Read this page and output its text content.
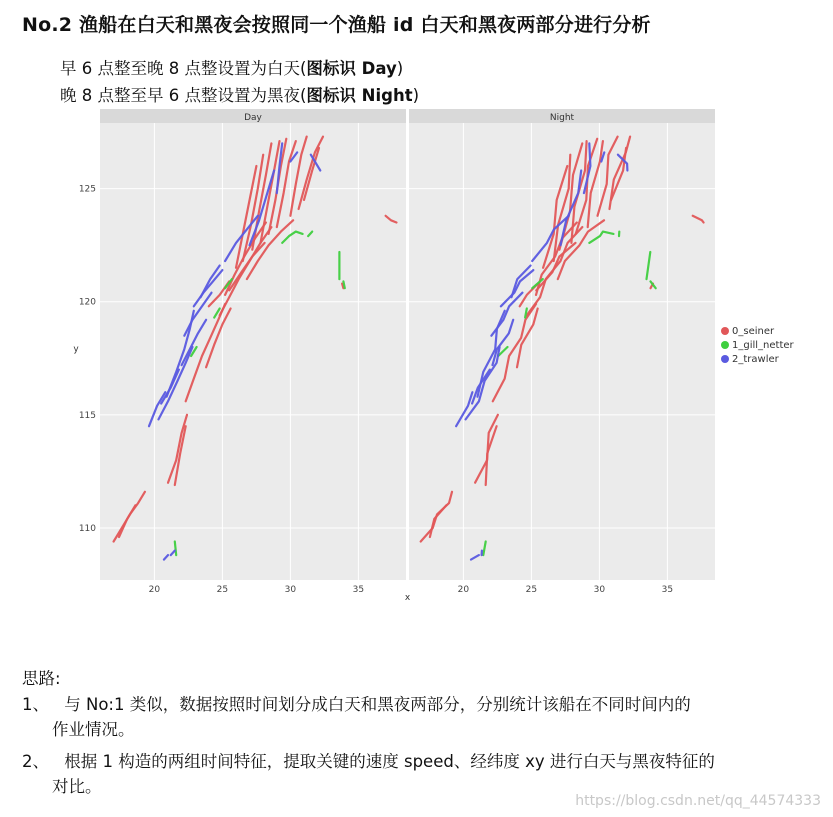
No.2 渔船在白天和黑夜会按照同一个渔船 id 白天和黑夜两部分进行分析
早 6 点整至晚 8 点整设置为白天(图标识 Day)
晚 8 点整至早 6 点整设置为黑夜(图标识 Night)
Day
20	25	30	35
Night
20	25	30	35
110
115
120
125
x
y
0_seiner
1_gill_netter
2_trawler
思路:
1、 与 No:1 类似，数据按照时间划分成白天和黑夜两部分，分别统计该船在不同时间内的
作业情况。
2、 根据 1 构造的两组时间特征，提取关键的速度 speed、经纬度 xy 进行白天与黑夜特征的
对比。
https://blog.csdn.net/qq_44574333
